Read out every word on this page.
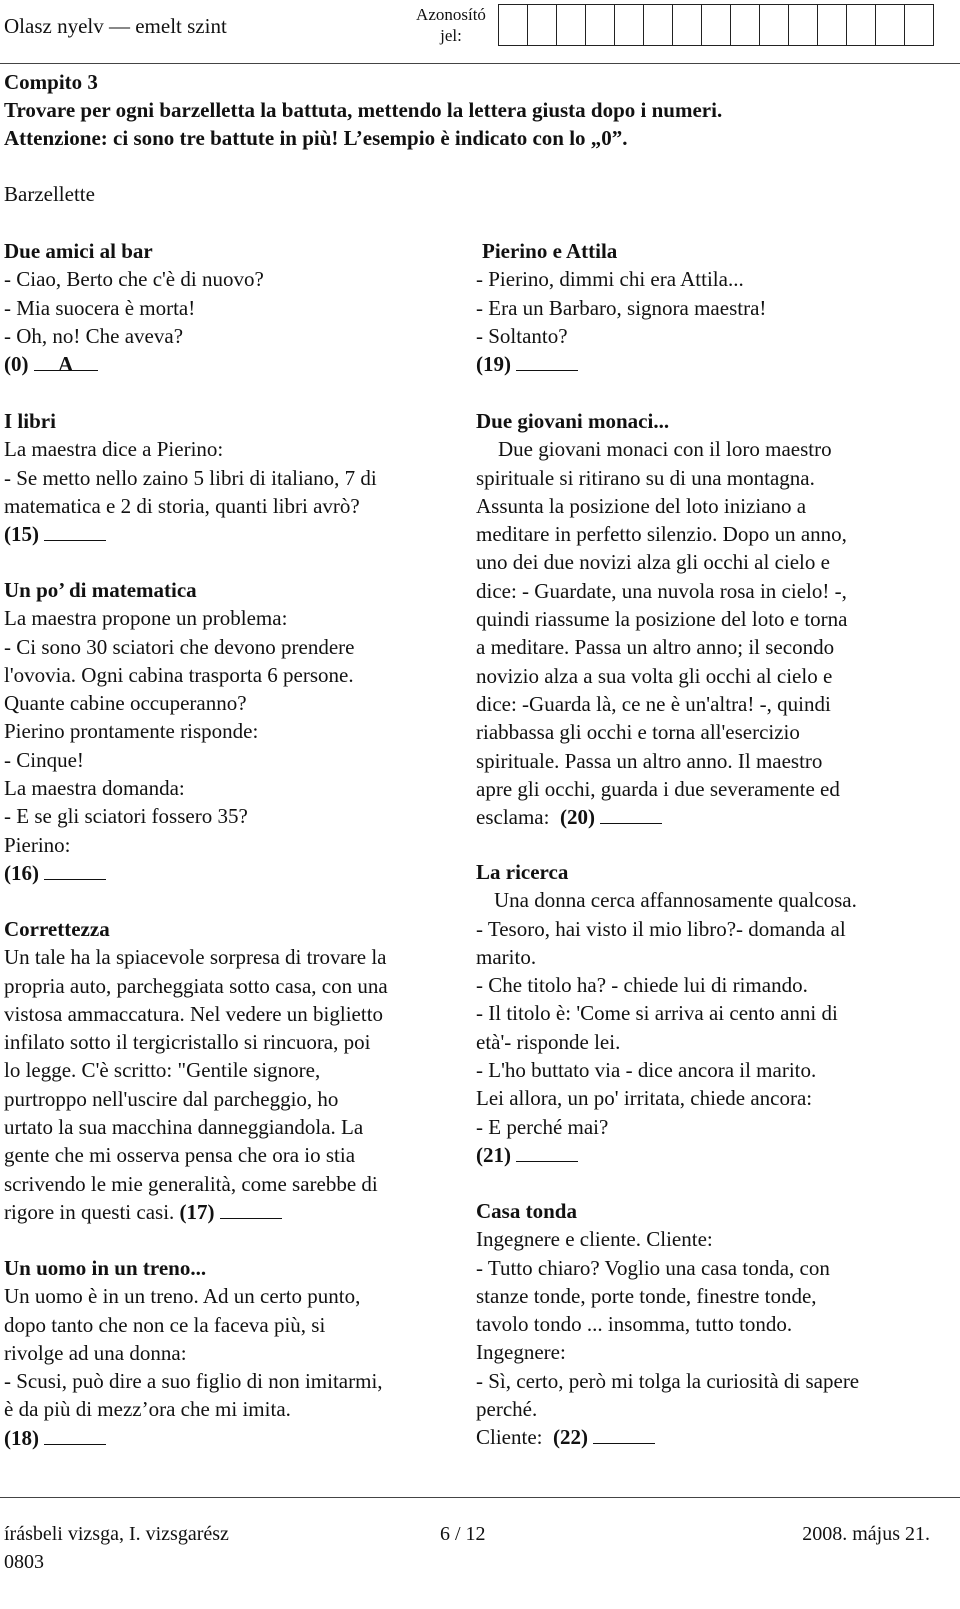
Olasz nyelv — emelt szint	Azonosító
jel:
Compito 3
Trovare per ogni barzelletta la battuta, mettendo la lettera giusta dopo i numeri.
Attenzione: ci sono tre battute in più! L’esempio è indicato con lo „0”.
Barzellette

Due amici al bar

- Ciao, Berto che c'è di nuovo?

- Mia suocera è morta!

- Oh, no! Che aveva?

(0) A

I libri

La maestra dice a Pierino:

- Se metto nello zaino 5 libri di italiano, 7 di

matematica e 2 di storia, quanti libri avrò?

(15)

Un po’ di matematica

La maestra propone un problema:

- Ci sono 30 sciatori che devono prendere

l'ovovia. Ogni cabina trasporta 6 persone.

Quante cabine occuperanno?

Pierino prontamente risponde:

- Cinque!

La maestra domanda:

- E se gli sciatori fossero 35?

Pierino:

(16)

Correttezza

Un tale ha la spiacevole sorpresa di trovare la

propria auto, parcheggiata sotto casa, con una

vistosa ammaccatura. Nel vedere un biglietto

infilato sotto il tergicristallo si rincuora, poi

lo legge. C'è scritto: "Gentile signore,

purtroppo nell'uscire dal parcheggio, ho

urtato la sua macchina danneggiandola. La

gente che mi osserva pensa che ora io stia

scrivendo le mie generalità, come sarebbe di

rigore in questi casi. (17)

Un uomo in un treno...

Un uomo è in un treno. Ad un certo punto,

dopo tanto che non ce la faceva più, si

rivolge ad una donna:

- Scusi, può dire a suo figlio di non imitarmi,

è da più di mezz’ora che mi imita.

(18)

Pierino e Attila

- Pierino, dimmi chi era Attila...

- Era un Barbaro, signora maestra!

- Soltanto?

(19)

Due giovani monaci...

Due giovani monaci con il loro maestro

spirituale si ritirano su di una montagna.

Assunta la posizione del loto iniziano a

meditare in perfetto silenzio. Dopo un anno,

uno dei due novizi alza gli occhi al cielo e

dice: - Guardate, una nuvola rosa in cielo! -,

quindi riassume la posizione del loto e torna

a meditare. Passa un altro anno; il secondo

novizio alza a sua volta gli occhi al cielo e

dice: -Guarda là, ce ne è un'altra! -, quindi

riabbassa gli occhi e torna all'esercizio

spirituale. Passa un altro anno. Il maestro

apre gli occhi, guarda i due severamente ed

esclama: (20)

La ricerca

Una donna cerca affannosamente qualcosa.

- Tesoro, hai visto il mio libro?- domanda al

marito.

- Che titolo ha? - chiede lui di rimando.

- Il titolo è: 'Come si arriva ai cento anni di

età'- risponde lei.

- L'ho buttato via - dice ancora il marito.

Lei allora, un po' irritata, chiede ancora:

- E perché mai?

(21)

Casa tonda

Ingegnere e cliente. Cliente:

- Tutto chiaro? Voglio una casa tonda, con

stanze tonde, porte tonde, finestre tonde,

tavolo tondo ... insomma, tutto tondo.

Ingegnere:

- Sì, certo, però mi tolga la curiosità di sapere

perché.

Cliente: (22)

írásbeli vizsga, I. vizsgarész
0803
6 / 12	2008. május 21.
